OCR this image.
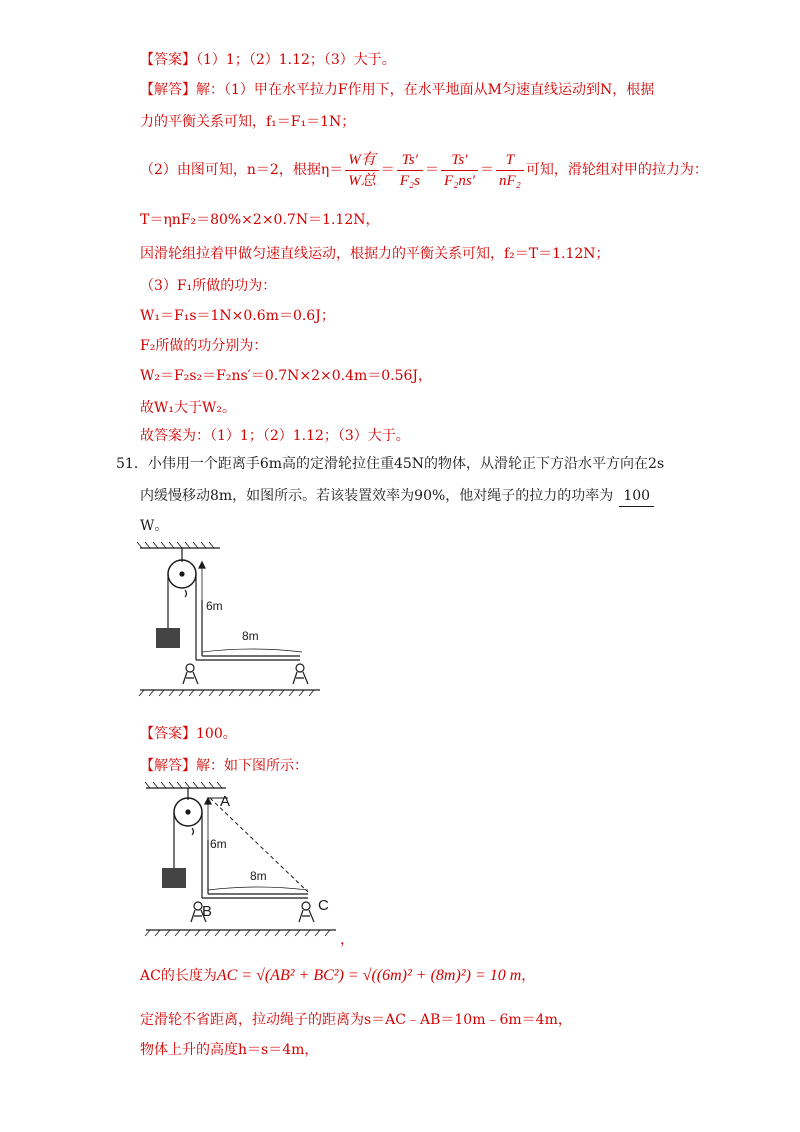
【答案】（1）1；（2）1.12；（3）大于。
【解答】解：（1）甲在水平拉力F作用下，在水平地面从M匀速直线运动到N，根据
力的平衡关系可知，f₁＝F₁＝1N；
（2）由图可知，n＝2，根据$\eta= \frac{\text{W有}}{\text{W总}} = \frac{Ts'}{\text{F₂s}} = \frac{Ts'}{\text{F₂ns′}} = \frac{T}{\text{nF₂}}$ 可知，滑轮组对甲的拉力为：
T＝ηnF₂＝80%×2×0.7N＝1.12N，
因滑轮组拉着甲做匀速直线运动，根据力的平衡关系可知，f₂＝T＝1.12N；
（3）F₁所做的功为：
W₁＝F₁s＝1N×0.6m＝0.6J；
F₂所做的功分别为：
W₂＝F₂s₂＝F₂ns′＝0.7N×2×0.4m＝0.56J，
故W₁大于W₂。
故答案为：（1）1；（2）1.12；（3）大于。
51．小伟用一个距离手6m高的定滑轮拉住重45N的物体，从滑轮正下方沿水平方向在2s
内缓慢移动8m，如图所示。若该装置效率为90%，他对绳子的拉力的功率为 100
W。
6m
8m
【答案】100。
【解答】解：如下图所示：
A
B	C
6m
8m
，
AC的长度为AC = √(AB² + BC²) = √((6m)² + (8m)²) = 10 m，
定滑轮不省距离，拉动绳子的距离为s＝AC﹣AB＝10m﹣6m＝4m，
物体上升的高度h＝s＝4m，
